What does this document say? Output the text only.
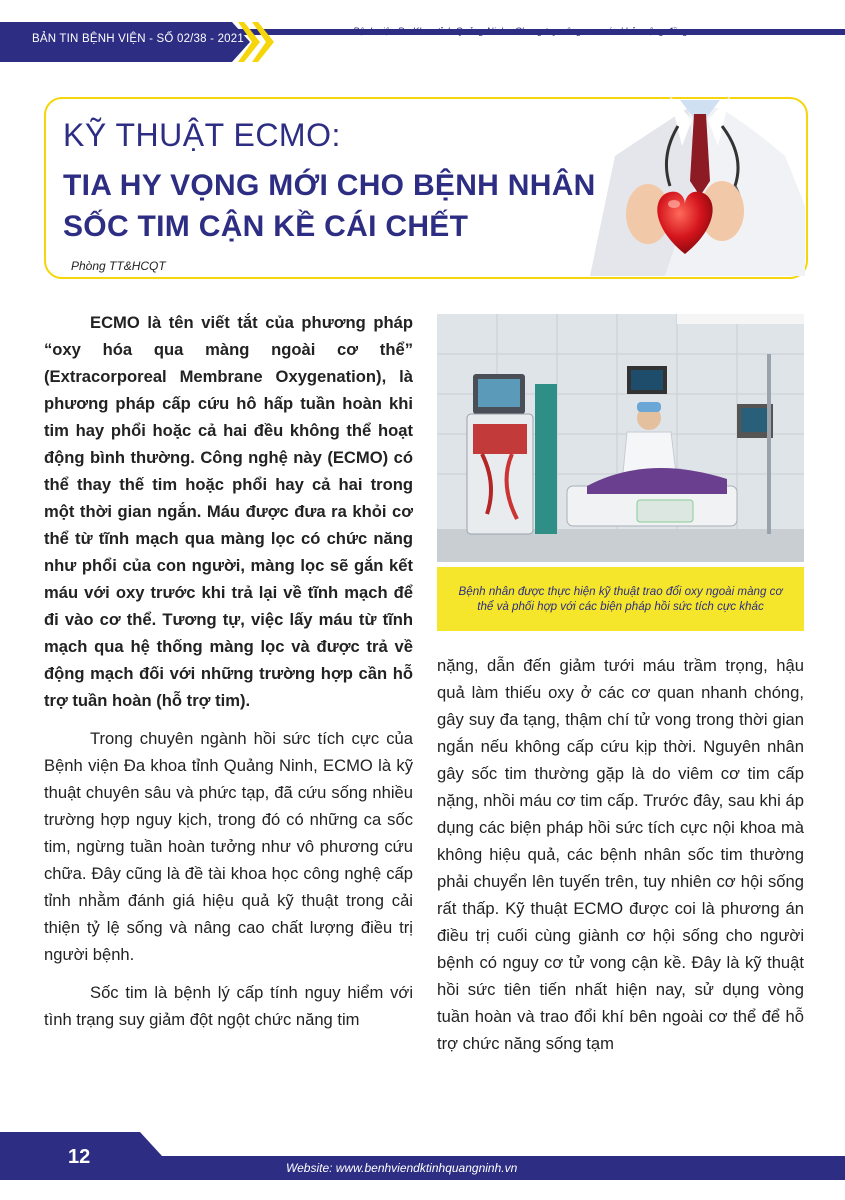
BẢN TIN BỆNH VIỆN - SỐ 02/38 - 2021
Bệnh viện Đa Khoa tỉnh Quảng Ninh - Chung tay nâng cao sức khỏe cộng đồng
KỸ THUẬT ECMO:
TIA HY VỌNG MỚI CHO BỆNH NHÂN
SỐC TIM CẬN KỀ CÁI CHẾT
Phòng TT&HCQT

ECMO là tên viết tắt của phương pháp “oxy hóa qua màng ngoài cơ thể” (Extracorporeal Membrane Oxygenation), là phương pháp cấp cứu hô hấp tuần hoàn khi tim hay phổi hoặc cả hai đều không thể hoạt động bình thường. Công nghệ này (ECMO) có thể thay thế tim hoặc phổi hay cả hai trong một thời gian ngắn. Máu được đưa ra khỏi cơ thể từ tĩnh mạch qua màng lọc có chức năng như phổi của con người, màng lọc sẽ gắn kết máu với oxy trước khi trả lại về tĩnh mạch để đi vào cơ thể. Tương tự, việc lấy máu từ tĩnh mạch qua hệ thống màng lọc và được trả về động mạch đối với những trường hợp cần hỗ trợ tuần hoàn (hỗ trợ tim).

Trong chuyên ngành hồi sức tích cực của Bệnh viện Đa khoa tỉnh Quảng Ninh, ECMO là kỹ thuật chuyên sâu và phức tạp, đã cứu sống nhiều trường hợp nguy kịch, trong đó có những ca sốc tim, ngừng tuần hoàn tưởng như vô phương cứu chữa. Đây cũng là đề tài khoa học công nghệ cấp tỉnh nhằm đánh giá hiệu quả kỹ thuật trong cải thiện tỷ lệ sống và nâng cao chất lượng điều trị người bệnh.

Sốc tim là bệnh lý cấp tính nguy hiểm với tình trạng suy giảm đột ngột chức năng tim

Bệnh nhân được thực hiện kỹ thuật trao đổi oxy ngoài màng cơ thể và phối hợp với các biện pháp hồi sức tích cực khác

nặng, dẫn đến giảm tưới máu trầm trọng, hậu quả làm thiếu oxy ở các cơ quan nhanh chóng, gây suy đa tạng, thậm chí tử vong trong thời gian ngắn nếu không cấp cứu kịp thời. Nguyên nhân gây sốc tim thường gặp là do viêm cơ tim cấp nặng, nhồi máu cơ tim cấp. Trước đây, sau khi áp dụng các biện pháp hồi sức tích cực nội khoa mà không hiệu quả, các bệnh nhân sốc tim thường phải chuyển lên tuyến trên, tuy nhiên cơ hội sống rất thấp. Kỹ thuật ECMO được coi là phương án điều trị cuối cùng giành cơ hội sống cho người bệnh có nguy cơ tử vong cận kề. Đây là kỹ thuật hồi sức tiên tiến nhất hiện nay, sử dụng vòng tuần hoàn và trao đổi khí bên ngoài cơ thể để hỗ trợ chức năng sống tạm

12	Website: www.benhviendktinhquangninh.vn
